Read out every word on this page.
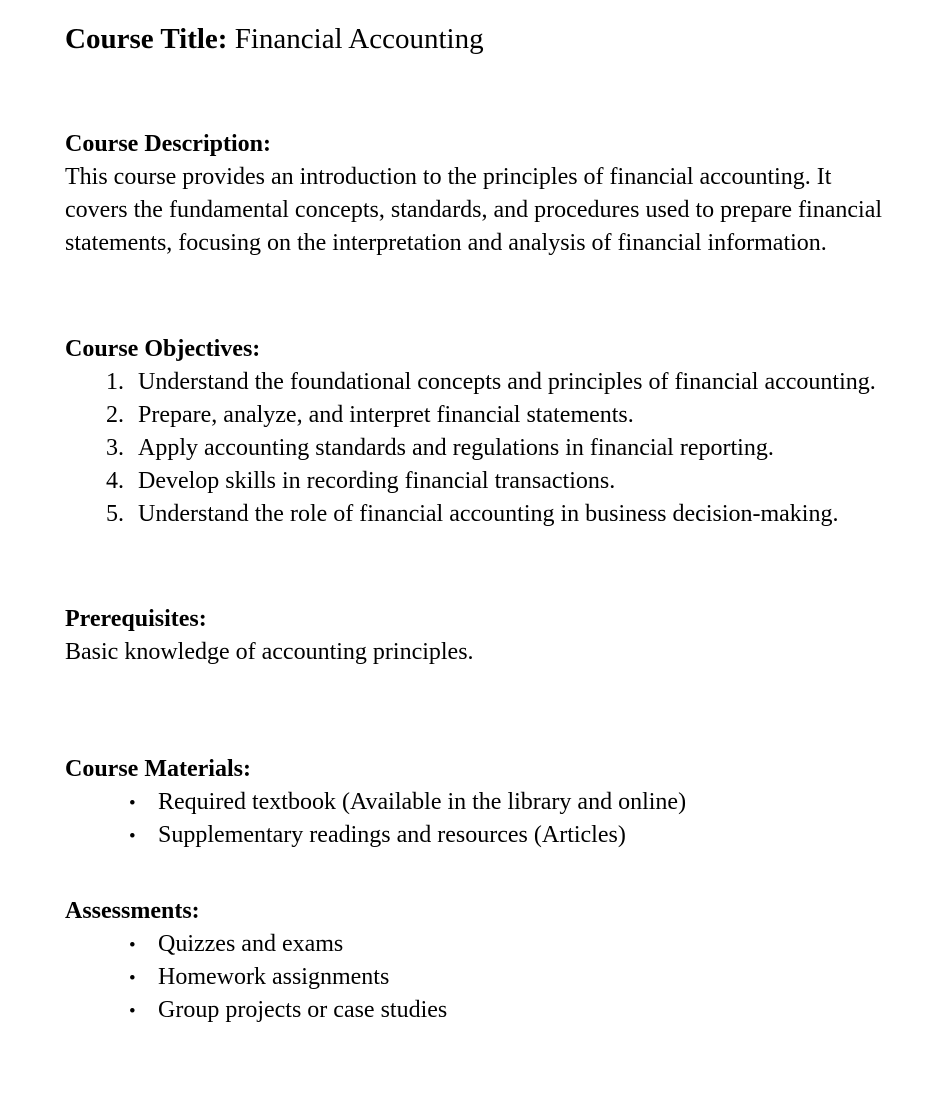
Course Title: Financial Accounting
Course Description:

This course provides an introduction to the principles of financial accounting. It covers the fundamental concepts, standards, and procedures used to prepare financial statements, focusing on the interpretation and analysis of financial information.

Course Objectives:
1. Understand the foundational concepts and principles of financial accounting.
2. Prepare, analyze, and interpret financial statements.
3. Apply accounting standards and regulations in financial reporting.
4. Develop skills in recording financial transactions.
5. Understand the role of financial accounting in business decision-making.
Prerequisites:

Basic knowledge of accounting principles.

Course Materials:
• Required textbook (Available in the library and online)
• Supplementary readings and resources (Articles)
Assessments:
• Quizzes and exams
• Homework assignments
• Group projects or case studies
